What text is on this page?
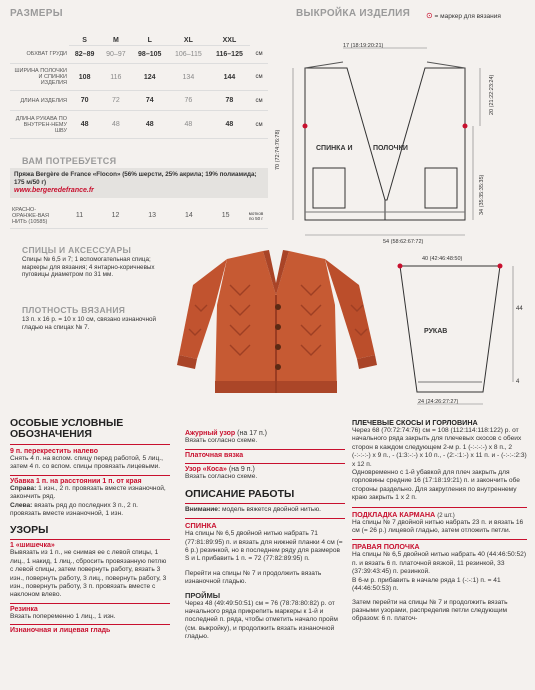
РАЗМЕРЫ
	S	M	L	XL	XXL	
ОБХВАТ ГРУДИ	82–89	90–97	98–105	106–115	116–125	см
ШИРИНА ПОЛОЧКИ И СПИНКИ ИЗДЕЛИЯ	108	116	124	134	144	см
ДЛИНА ИЗДЕЛИЯ	70	72	74	76	78	см
ДЛИНА РУКАВА ПО ВНУТРЕН-НЕМУ ШВУ	48	48	48	48	48	см
ВАМ ПОТРЕБУЕТСЯ
Пряжа Bergère de France «Flocon» (56% шерсти, 25% акрила; 19% полиамида; 175 м/50 г)
www.bergeredefrance.fr
КРАСНО-ОРАНЖЕ-ВАЯ НИТЬ (10585)	11	12	13	14	15	мотков по 50 г
СПИЦЫ И АКСЕССУАРЫ
Спицы № 6,5 и 7; 1 вспомогательная спица; маркеры для вязания; 4 янтарно-коричневых пуговицы диаметром по 31 мм.
ПЛОТНОСТЬ ВЯЗАНИЯ
13 п. х 16 р. = 10 х 10 см, связано изнаночной гладью на спицах № 7.
ВЫКРОЙКА ИЗДЕЛИЯ ⊙ = маркер для вязания
17 (18:19:20:21)
70 (72:74:76:78)
20 (21:22:23:24)
34 (35:35:35:35)
СПИНКА И	ПОЛОЧКИ
54 (58:62:67:72)
40 (42:46:48:50)
РУКАВ
44
4
24 (24:26:27:27)
ОСОБЫЕ УСЛОВНЫЕ
ОБОЗНАЧЕНИЯ
9 п. перекрестить налево
Снять 4 п. на вспом. спицу перед работой, 5 лиц., затем 4 п. со вспом. спицы провязать лицевыми.
Убавка 1 п. на расстоянии 1 п. от края
Справа: 1 изн., 2 п. провязать вместе изнаночной, закончить ряд.
Слева: вязать ряд до последних 3 п., 2 п. провязать вместе изнаночной, 1 изн.
УЗОРЫ
1 «шишечка»
Вывязать из 1 п., не снимая ее с левой спицы, 1 лиц., 1 накид, 1 лиц., сбросить провязанную петлю с левой спицы, затем повернуть работу, вязать 3 изн., повернуть работу, 3 лиц., повернуть работу, 3 изн., повернуть работу, 3 п. провязать вместе с наклоном влево.
Резинка
Вязать попеременно 1 лиц., 1 изн.
Изнаночная и лицевая гладь
Ажурный узор (на 17 п.)
Вязать согласно схеме.
Платочная вязка
Узор «Коса» (на 9 п.)
Вязать согласно схеме.
ОПИСАНИЕ РАБОТЫ
Внимание: модель вяжется двойной нитью.
СПИНКА
На спицы № 6,5 двойной нитью набрать 71 (77:81:89:95) п. и вязать для нижней планки 4 см (= 6 р.) резинкой, но в последнем ряду для размеров S и L прибавить 1 п. = 72 (77:82:89:95) п.
Перейти на спицы № 7 и продолжить вязать изнаночной гладью.
ПРОЙМЫ
Через 48 (49:49:50:51) см = 76 (78:78:80:82) р. от начального ряда прикрепить маркеры к 1-й и последней п. ряда, чтобы отметить начало пройм (см. выкройку), и продолжить вязать изнаночной гладью.
ПЛЕЧЕВЫЕ СКОСЫ И ГОРЛОВИНА
Через 68 (70:72:74:76) см = 108 (112:114:118:122) р. от начального ряда закрыть для плечевых скосов с обеих сторон в каждом следующем 2-м р. 1 (-:-:-:-) х 8 п., 2 (-:-:-:-) х 9 п., - (1:3:-:-) х 10 п., - (2:-:1:-) х 11 п. и - (-:-:-:2:3) х 12 п.
Одновременно с 1-й убавкой для плеч закрыть для горловины средние 16 (17:18:19:21) п. и закончить обе стороны раздельно. Для закругления по внутреннему краю закрыть 1 х 2 п.
ПОДКЛАДКА КАРМАНА (2 шт.)
На спицы № 7 двойной нитью набрать 23 п. и вязать 16 см (= 26 р.) лицевой гладью, затем отложить петли.
ПРАВАЯ ПОЛОЧКА
На спицы № 6,5 двойной нитью набрать 40 (44:46:50:52) п. и вязать 6 п. платочной вязкой, 11 резинкой, 33 (37:39:43:45) п. резинкой.
В 6-м р. прибавить в начале ряда 1 (-:-:1) п. = 41 (44:46:50:53) п.
Затем перейти на спицы № 7 и продолжить вязать разными узорами, распределив петли следующим образом: 6 п. платоч-
